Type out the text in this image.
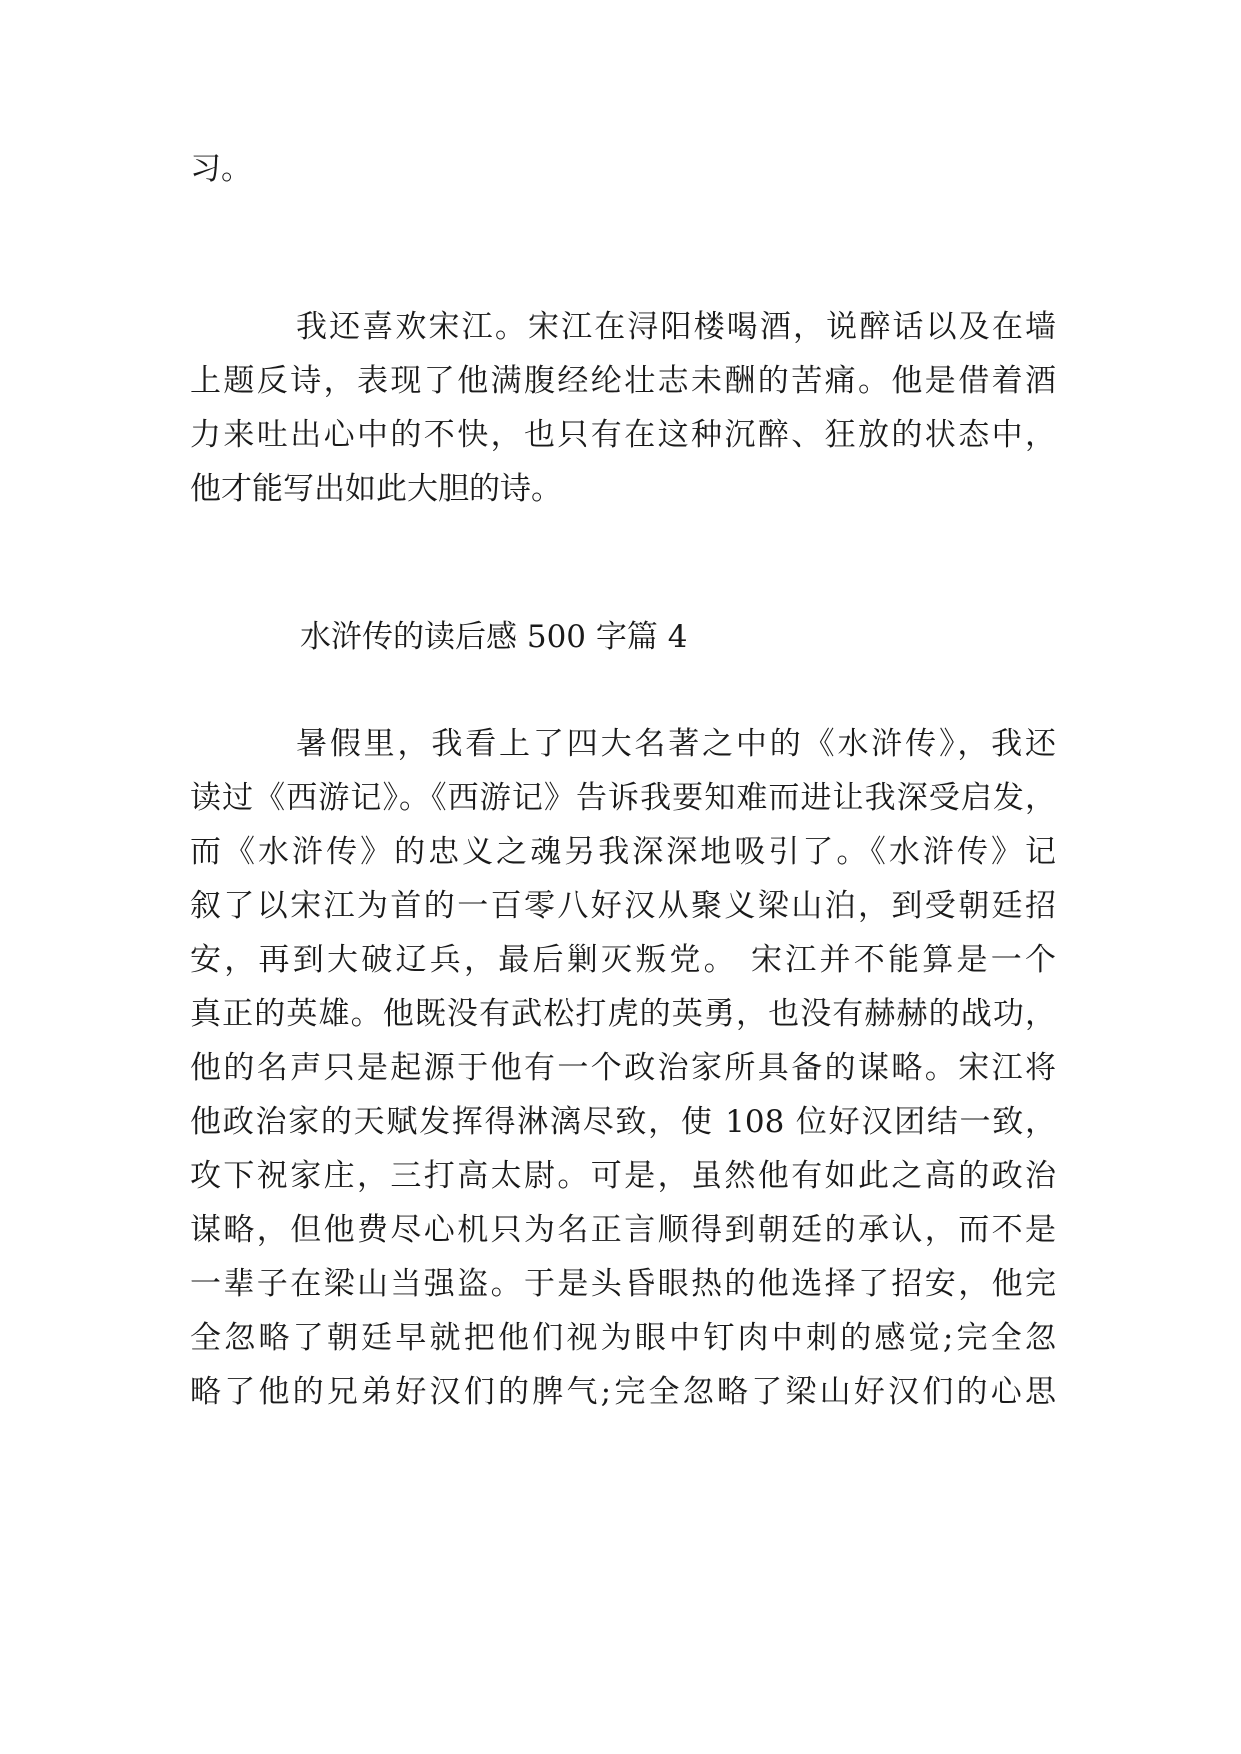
习。
我还喜欢宋江。宋江在浔阳楼喝酒，说醉话以及在墙
上题反诗，表现了他满腹经纶壮志未酬的苦痛。他是借着酒
力来吐出心中的不快，也只有在这种沉醉、狂放的状态中，
他才能写出如此大胆的诗。
水浒传的读后感 500 字篇 4
暑假里，我看上了四大名著之中的《水浒传》，我还
读过《西游记》。《西游记》告诉我要知难而进让我深受启发，
而《水浒传》的忠义之魂另我深深地吸引了。《水浒传》记
叙了以宋江为首的一百零八好汉从聚义梁山泊，到受朝廷招
安，再到大破辽兵，最后剿灭叛党。 宋江并不能算是一个
真正的英雄。他既没有武松打虎的英勇，也没有赫赫的战功，
他的名声只是起源于他有一个政治家所具备的谋略。宋江将
他政治家的天赋发挥得淋漓尽致，使 108 位好汉团结一致，
攻下祝家庄，三打高太尉。可是，虽然他有如此之高的政治
谋略，但他费尽心机只为名正言顺得到朝廷的承认，而不是
一辈子在梁山当强盗。于是头昏眼热的他选择了招安，他完
全忽略了朝廷早就把他们视为眼中钉肉中刺的感觉;完全忽
略了他的兄弟好汉们的脾气;完全忽略了梁山好汉们的心思
